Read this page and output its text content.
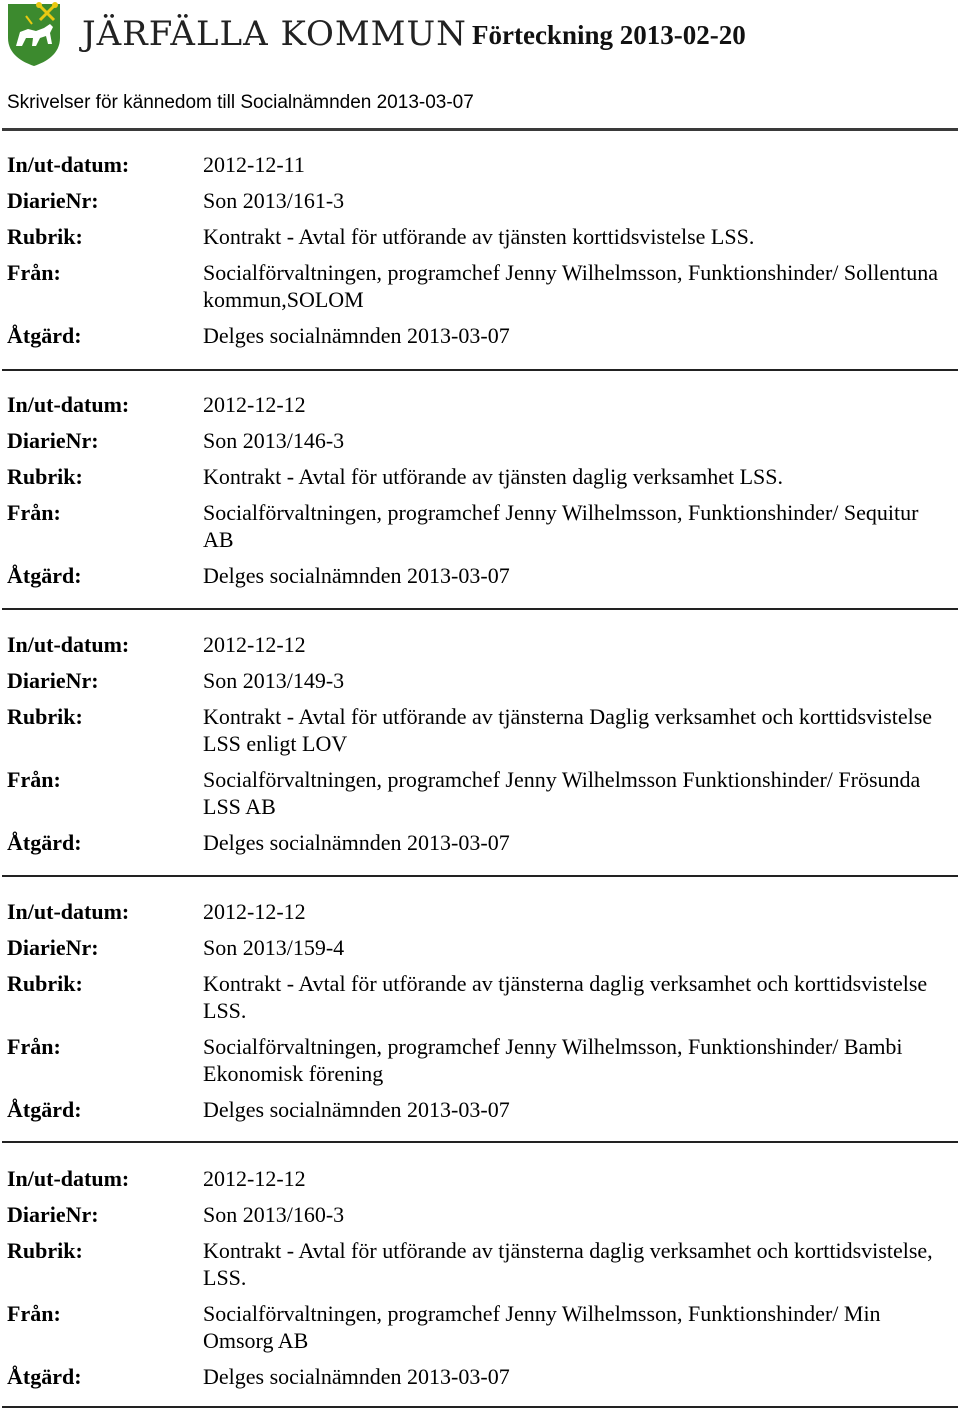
JÄRFÄLLA KOMMUN Förteckning 2013-02-20
Skrivelser för kännedom till Socialnämnden 2013-03-07
In/ut-datum:	2012-12-11
DiarieNr:	Son 2013/161-3
Rubrik:	Kontrakt - Avtal för utförande av tjänsten korttidsvistelse LSS.
Från:	Socialförvaltningen, programchef Jenny Wilhelmsson, Funktionshinder/ Sollentuna kommun,SOLOM
Åtgärd:	Delges socialnämnden 2013-03-07
In/ut-datum:	2012-12-12
DiarieNr:	Son 2013/146-3
Rubrik:	Kontrakt - Avtal för utförande av tjänsten daglig verksamhet LSS.
Från:	Socialförvaltningen, programchef Jenny Wilhelmsson, Funktionshinder/ Sequitur AB
Åtgärd:	Delges socialnämnden 2013-03-07
In/ut-datum:	2012-12-12
DiarieNr:	Son 2013/149-3
Rubrik:	Kontrakt - Avtal för utförande av tjänsterna Daglig verksamhet och korttidsvistelse LSS enligt LOV
Från:	Socialförvaltningen, programchef Jenny Wilhelmsson Funktionshinder/ Frösunda LSS AB
Åtgärd:	Delges socialnämnden 2013-03-07
In/ut-datum:	2012-12-12
DiarieNr:	Son 2013/159-4
Rubrik:	Kontrakt - Avtal för utförande av tjänsterna daglig verksamhet och korttidsvistelse LSS.
Från:	Socialförvaltningen, programchef Jenny Wilhelmsson, Funktionshinder/ Bambi Ekonomisk förening
Åtgärd:	Delges socialnämnden 2013-03-07
In/ut-datum:	2012-12-12
DiarieNr:	Son 2013/160-3
Rubrik:	Kontrakt - Avtal för utförande av tjänsterna daglig verksamhet och korttidsvistelse, LSS.
Från:	Socialförvaltningen, programchef Jenny Wilhelmsson, Funktionshinder/ Min Omsorg AB
Åtgärd:	Delges socialnämnden 2013-03-07
